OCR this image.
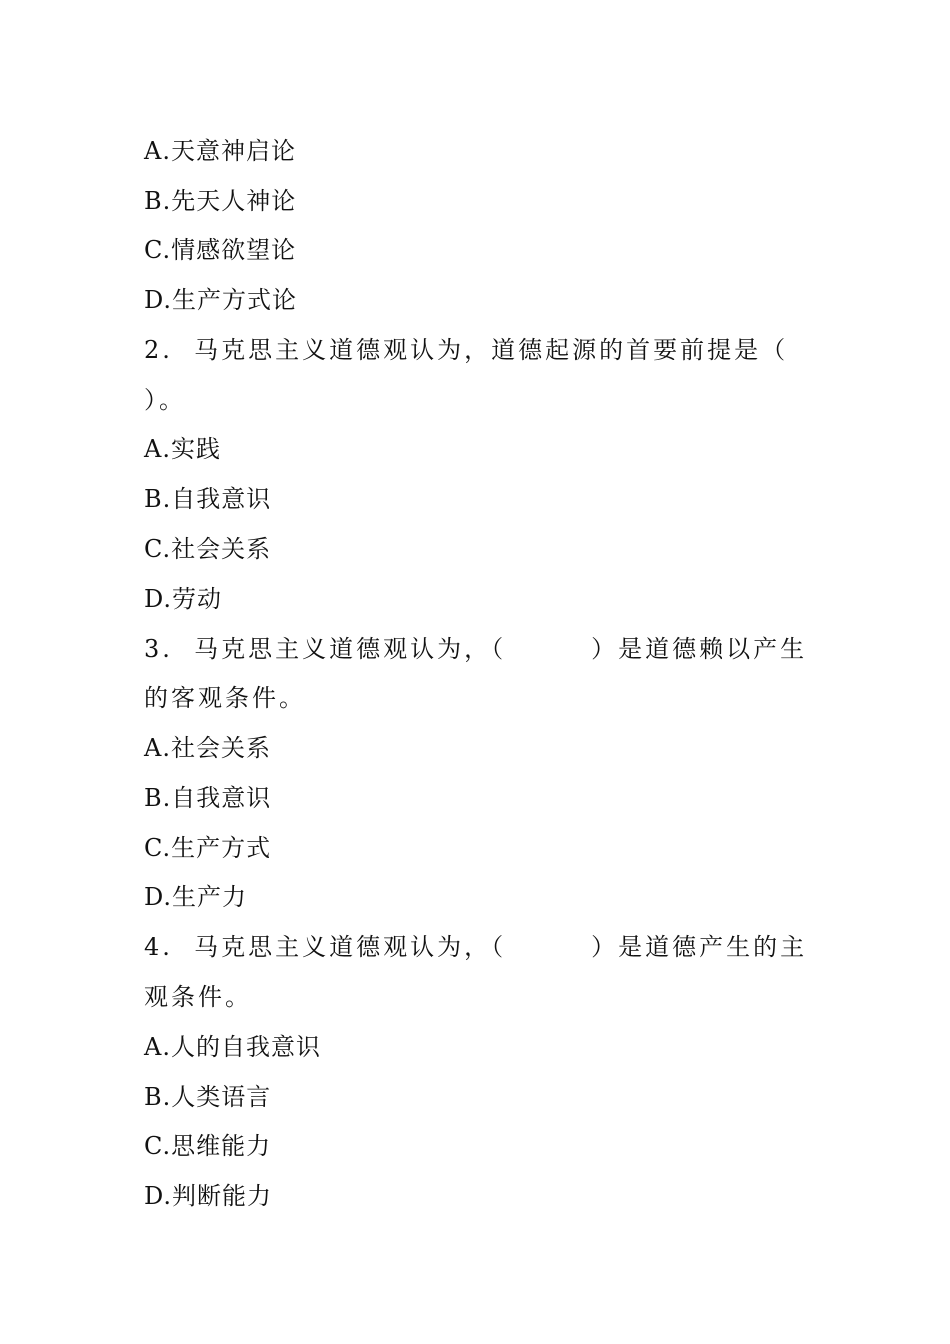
A.天意神启论
B.先天人神论
C.情感欲望论
D.生产方式论
2.  马克思主义道德观认为，道德起源的首要前提是（
）。
A.实践
B.自我意识
C.社会关系
D.劳动
3.  马克思主义道德观认为，（        ）是道德赖以产生
的客观条件。
A.社会关系
B.自我意识
C.生产方式
D.生产力
4.  马克思主义道德观认为，（        ）是道德产生的主
观条件。
A.人的自我意识
B.人类语言
C.思维能力
D.判断能力
